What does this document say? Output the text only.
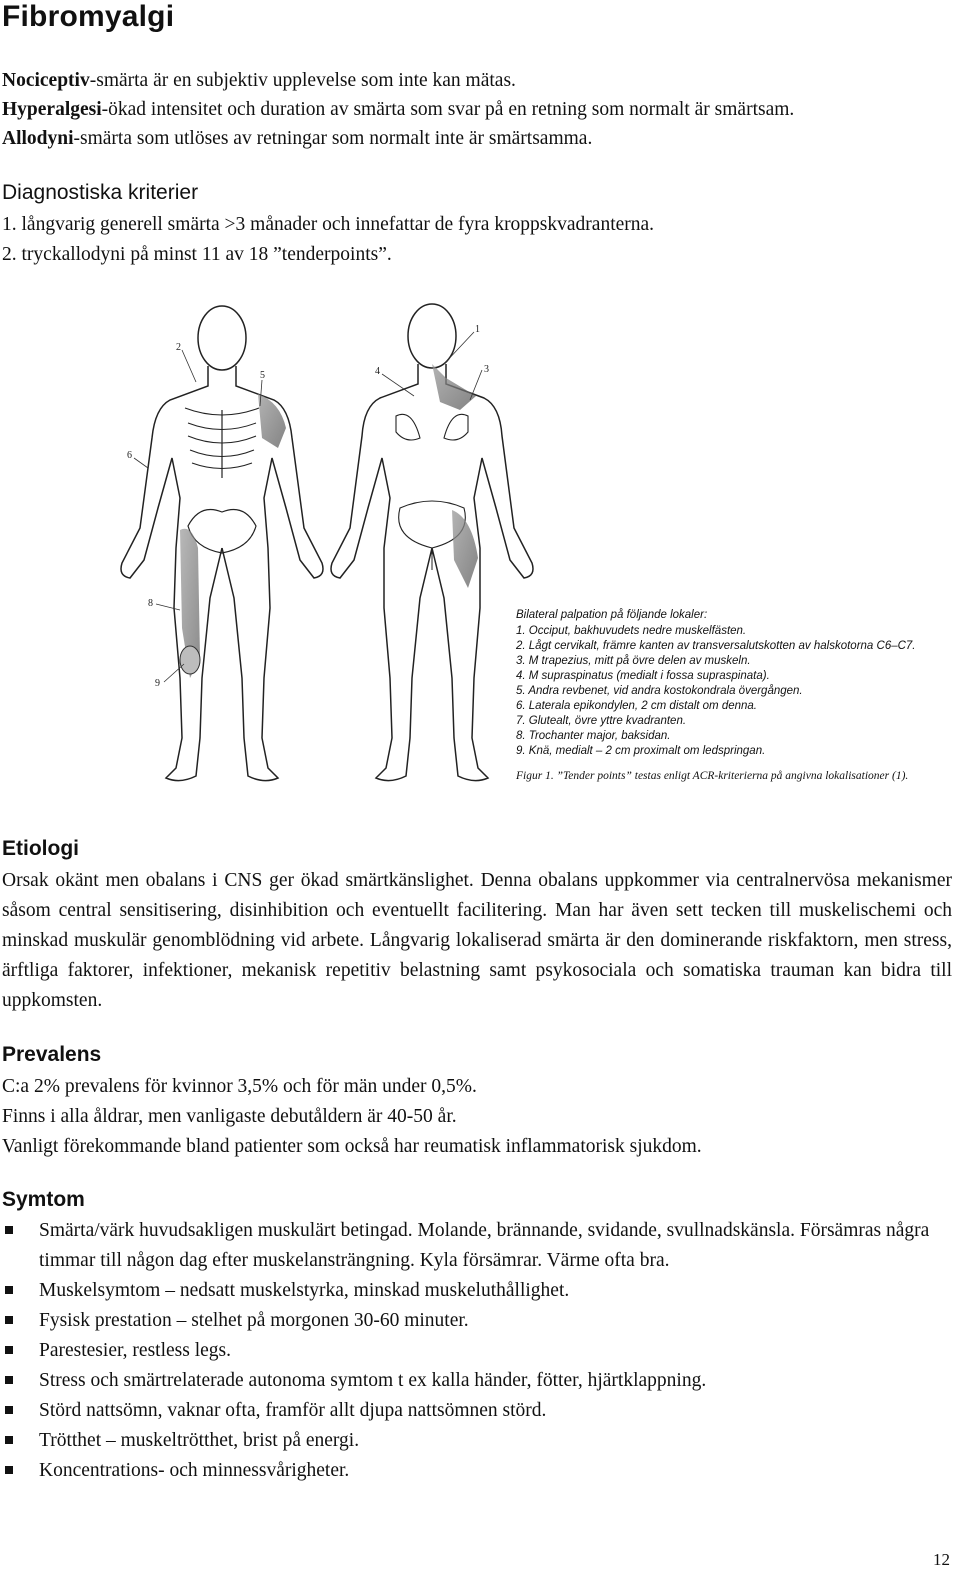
Fibromyalgi

Nociceptiv-smärta är en subjektiv upplevelse som inte kan mätas.

Hyperalgesi-ökad intensitet och duration av smärta som svar på en retning som normalt är smärtsam.

Allodyni-smärta som utlöses av retningar som normalt inte är smärtsamma.

Diagnostiska kriterier

1. långvarig generell smärta >3 månader och innefattar de fyra kroppskvadranterna.

2. tryckallodyni på minst 11 av 18 ”tenderpoints”.

2
5
6
8
9
1
4	3

Bilateral palpation på följande lokaler:

1. Occiput, bakhuvudets nedre muskelfästen.

2. Lågt cervikalt, främre kanten av transversalutskotten av halskotorna C6–C7.

3. M trapezius, mitt på övre delen av muskeln.

4. M supraspinatus (medialt i fossa supraspinata).

5. Andra revbenet, vid andra kostokondrala övergången.

6. Laterala epikondylen, 2 cm distalt om denna.

7. Glutealt, övre yttre kvadranten.

8. Trochanter major, baksidan.

9. Knä, medialt – 2 cm proximalt om ledspringan.

Figur 1. ”Tender points” testas enligt ACR-kriterierna på angivna lokalisationer (1).
Etiologi

Orsak okänt men obalans i CNS ger ökad smärtkänslighet. Denna obalans uppkommer via centralnervösa mekanismer såsom central sensitisering, disinhibition och eventuellt facilitering. Man har även sett tecken till muskelischemi och minskad muskulär genomblödning vid arbete. Långvarig lokaliserad smärta är den dominerande riskfaktorn, men stress, ärftliga faktorer, infektioner, mekanisk repetitiv belastning samt psykosociala och somatiska trauman kan bidra till uppkomsten.

Prevalens

C:a 2% prevalens för kvinnor 3,5% och för män under 0,5%.

Finns i alla åldrar, men vanligaste debutåldern är 40-50 år.

Vanligt förekommande bland patienter som också har reumatisk inflammatorisk sjukdom.

Symtom
Smärta/värk huvudsakligen muskulärt betingad. Molande, brännande, svidande, svullnadskänsla. Försämras några timmar till någon dag efter muskelansträngning. Kyla försämrar. Värme ofta bra.
Muskelsymtom – nedsatt muskelstyrka, minskad muskeluthållighet.
Fysisk prestation – stelhet på morgonen 30-60 minuter.
Parestesier, restless legs.
Stress och smärtrelaterade autonoma symtom t ex kalla händer, fötter, hjärtklappning.
Störd nattsömn, vaknar ofta, framför allt djupa nattsömnen störd.
Trötthet – muskeltrötthet, brist på energi.
Koncentrations- och minnessvårigheter.
12
